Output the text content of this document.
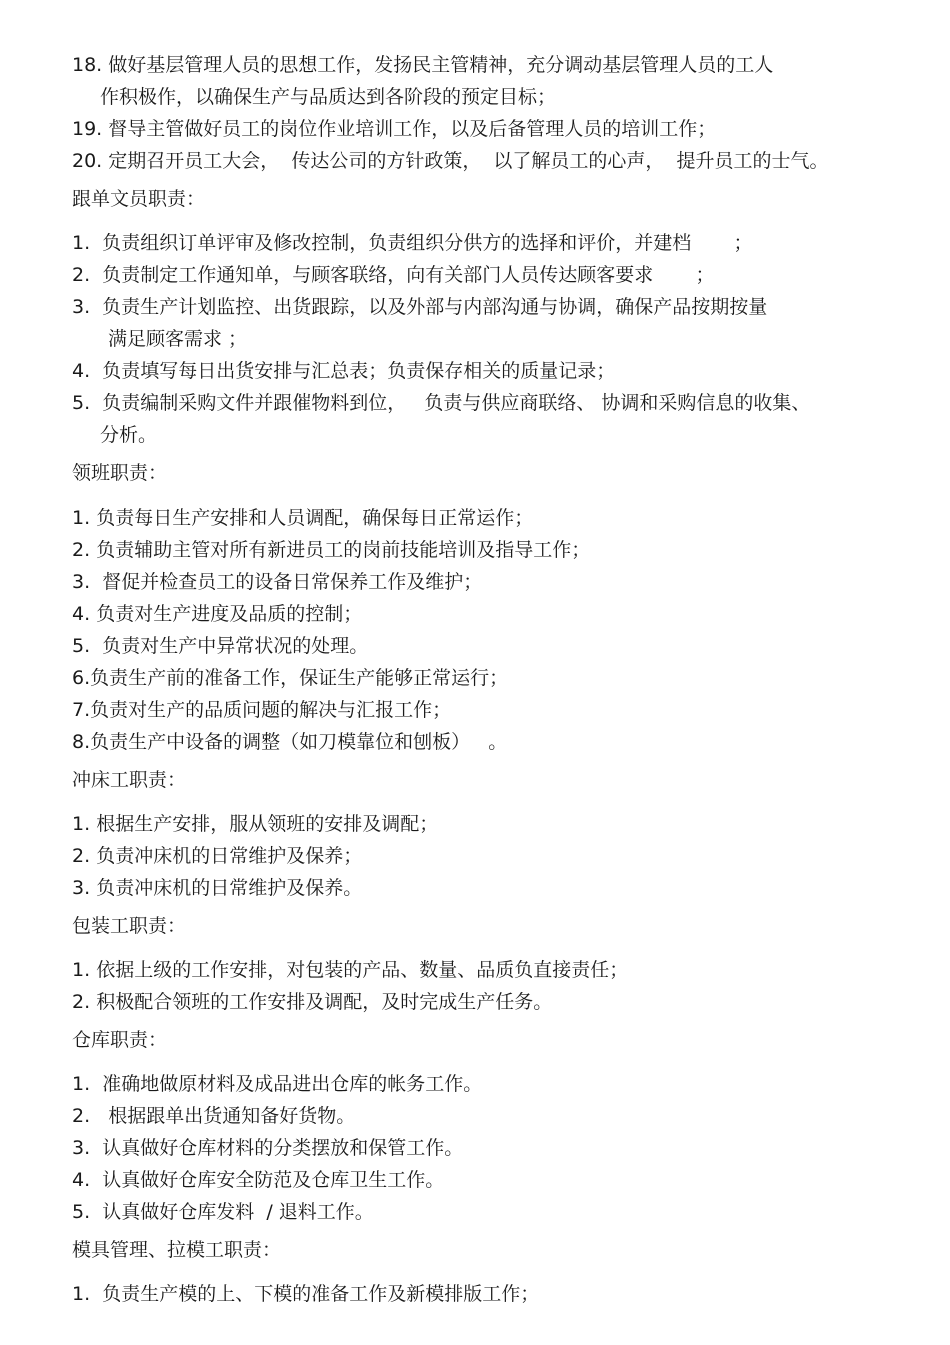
18. 做好基层管理人员的思想工作，发扬民主管精神，充分调动基层管理人员的工人
作积极作，以确保生产与品质达到各阶段的预定目标；
19. 督导主管做好员工的岗位作业培训工作，以及后备管理人员的培训工作；
20. 定期召开员工大会，  传达公司的方针政策，  以了解员工的心声，  提升员工的士气。
跟单文员职责：
1. 负责组织订单评审及修改控制，负责组织分供方的选择和评价，并建档       ；
2. 负责制定工作通知单，与顾客联络，向有关部门人员传达顾客要求       ；
3. 负责生产计划监控、出货跟踪，以及外部与内部沟通与协调，确保产品按期按量
满足顾客需求 ；
4. 负责填写每日出货安排与汇总表；负责保存相关的质量记录；
5. 负责编制采购文件并跟催物料到位，   负责与供应商联络、 协调和采购信息的收集、
分析。
领班职责：
1. 负责每日生产安排和人员调配，确保每日正常运作；
2. 负责辅助主管对所有新进员工的岗前技能培训及指导工作；
3.  督促并检查员工的设备日常保养工作及维护；
4. 负责对生产进度及品质的控制；
5.  负责对生产中异常状况的处理。
6.负责生产前的准备工作，保证生产能够正常运行；
7.负责对生产的品质问题的解决与汇报工作；
8.负责生产中设备的调整（如刀模靠位和刨板）   。
冲床工职责：
1. 根据生产安排，服从领班的安排及调配；
2. 负责冲床机的日常维护及保养；
3. 负责冲床机的日常维护及保养。
包装工职责：
1. 依据上级的工作安排，对包装的产品、数量、品质负直接责任；
2. 积极配合领班的工作安排及调配，及时完成生产任务。
仓库职责：
1. 准确地做原材料及成品进出仓库的帐务工作。
2.   根据跟单出货通知备好货物。
3. 认真做好仓库材料的分类摆放和保管工作。
4. 认真做好仓库安全防范及仓库卫生工作。
5. 认真做好仓库发料  / 退料工作。
模具管理、拉模工职责：
1. 负责生产模的上、下模的准备工作及新模排版工作；
